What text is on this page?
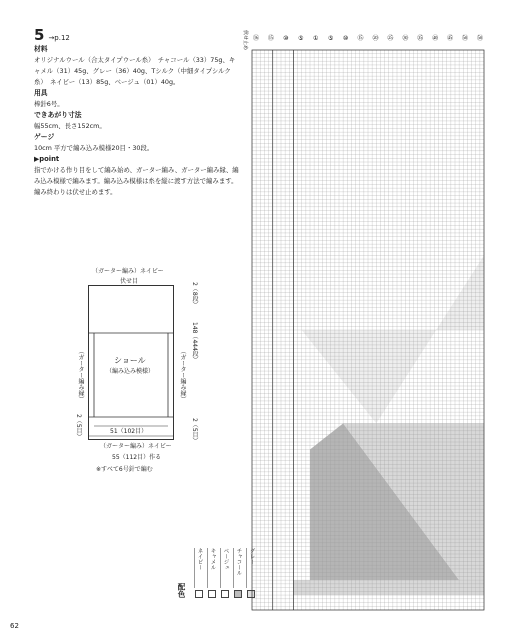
5 →p.12
材料
オリジナルウール（合太タイプウール糸）　チャコール（33）75g、キャメル（31）45g、グレー（36）40g、Tシルク（中細タイプシルク糸）　ネイビー（13）85g、ベージュ（01）40g。
用具
棒針6号。
できあがり寸法
幅55cm、長さ152cm。
ゲージ
10cm 平方で編み込み模様20目・30段。
▶point
指でかける作り目をして編み始め、ガーター編み、ガーター編み縁、編み込み模様で編みます。編み込み模様は糸を縦に渡す方法で編みます。編み終わりは伏せ止めます。
（ガーター編み）ネイビー
伏せ目
ショール
（編み込み模様）
（ガーター編み縁）	（ガーター編み縁）
2（8段）
148（444段）
2（5目）
2（5目）	51（102目）
（ガーター編み）ネイビー
55（112目）作る
※すべて6号針で編む
配色
ネイビー	キャメル	ベージュ	チャコール	グレー
62
伏せ止め ⑯ ⑮ ⑩ ⑤ ① ⑤ ⑩ ⑮ ⑳ ㉕ ㉚ ㉟ ㊵ ㊺ ㊿ ㊿
